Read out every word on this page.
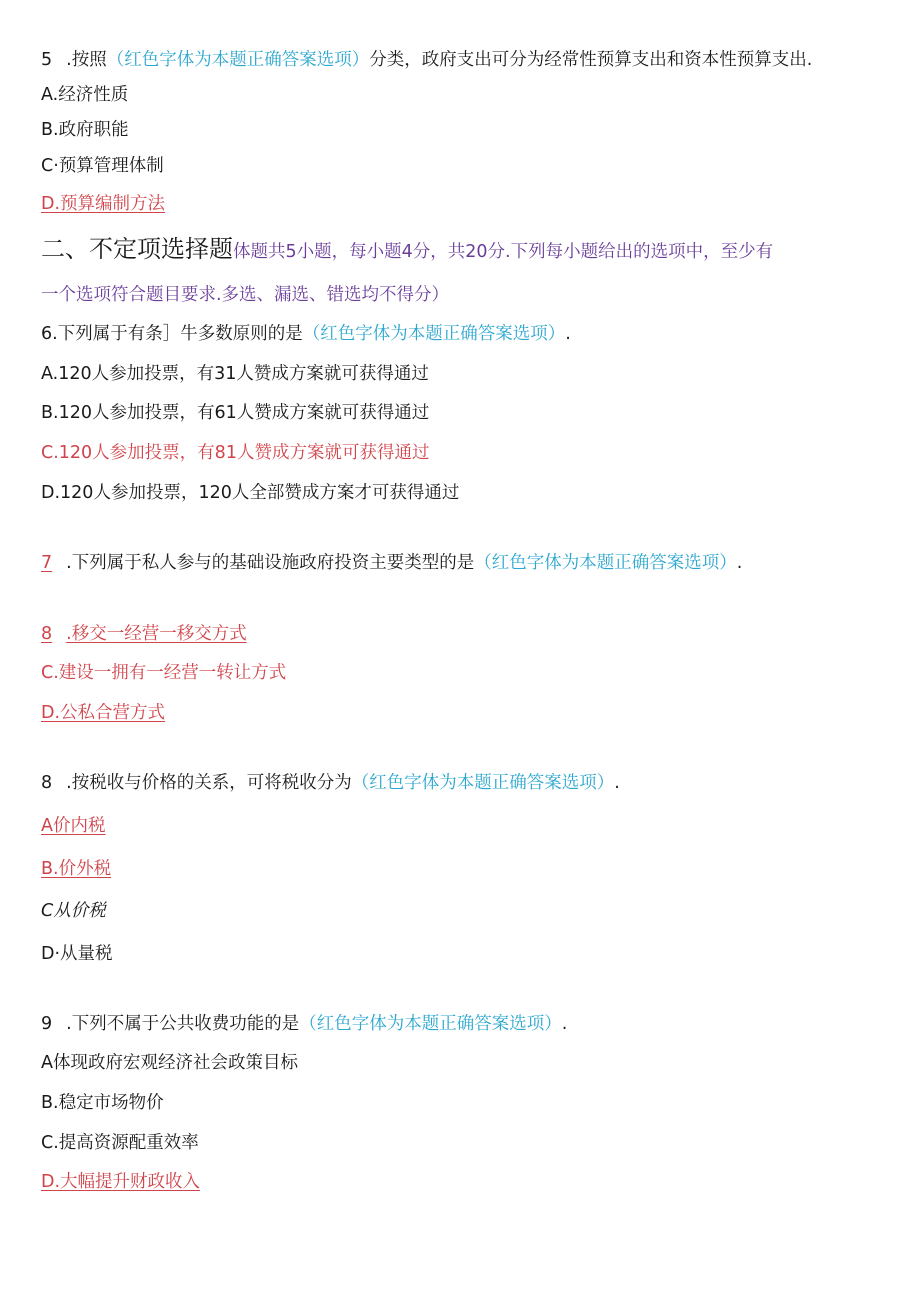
5 .按照（红色字体为本题正确答案选项）分类，政府支出可分为经常性预算支出和资本性预算支出.
A.经济性质
B.政府职能
C·预算管理体制
D.预算编制方法
二、不定项选择题体题共5小题，每小题4分，共20分.下列每小题给出的选项中，至少有
一个选项符合题目要求.多选、漏选、错选均不得分）
6.下列属于有条］牛多数原则的是（红色字体为本题正确答案选项）.
A.120人参加投票，有31人赞成方案就可获得通过
B.120人参加投票，有61人赞成方案就可获得通过
C.120人参加投票，有81人赞成方案就可获得通过
D.120人参加投票，120人全部赞成方案才可获得通过
7 .下列属于私人参与的基础设施政府投资主要类型的是（红色字体为本题正确答案选项）.
8 .移交一经营一移交方式
C.建设一拥有一经营一转让方式
D.公私合营方式
8 .按税收与价格的关系，可将税收分为（红色字体为本题正确答案选项）.
A价内税
B.价外税
C从价税
D·从量税
9 .下列不属于公共收费功能的是（红色字体为本题正确答案选项）.
A体现政府宏观经济社会政策目标
B.稳定市场物价
C.提高资源配重效率
D.大幅提升财政收入
